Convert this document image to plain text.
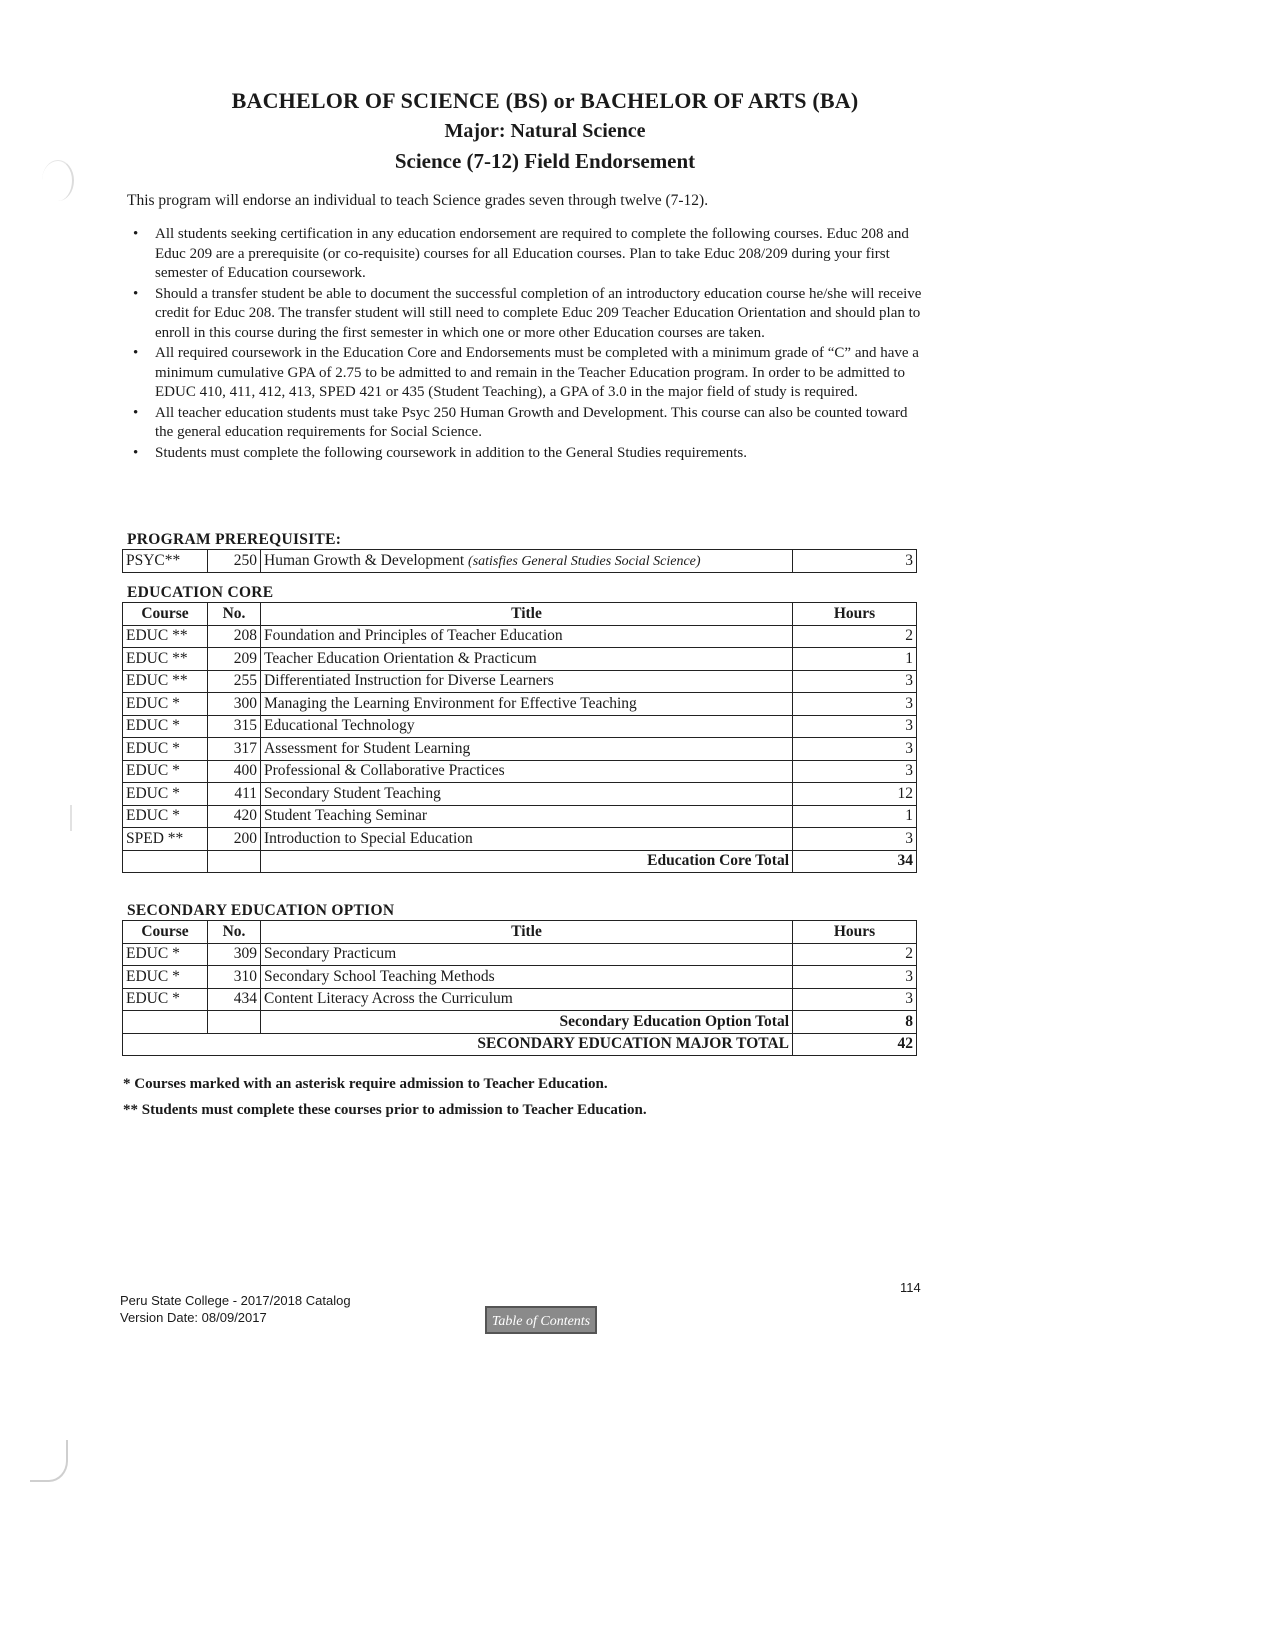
BACHELOR OF SCIENCE (BS) or BACHELOR OF ARTS (BA)
Major: Natural Science
Science (7-12) Field Endorsement
This program will endorse an individual to teach Science grades seven through twelve (7-12).
• All students seeking certification in any education endorsement are required to complete the following courses. Educ 208 and Educ 209 are a prerequisite (or co-requisite) courses for all Education courses. Plan to take Educ 208/209 during your first semester of Education coursework.
• Should a transfer student be able to document the successful completion of an introductory education course he/she will receive credit for Educ 208. The transfer student will still need to complete Educ 209 Teacher Education Orientation and should plan to enroll in this course during the first semester in which one or more other Education courses are taken.
• All required coursework in the Education Core and Endorsements must be completed with a minimum grade of “C” and have a minimum cumulative GPA of 2.75 to be admitted to and remain in the Teacher Education program. In order to be admitted to EDUC 410, 411, 412, 413, SPED 421 or 435 (Student Teaching), a GPA of 3.0 in the major field of study is required.
• All teacher education students must take Psyc 250 Human Growth and Development. This course can also be counted toward the general education requirements for Social Science.
• Students must complete the following coursework in addition to the General Studies requirements.
PROGRAM PREREQUISITE:
PSYC**	250	Human Growth & Development (satisfies General Studies Social Science)	3
EDUCATION CORE
Course	No.	Title	Hours
EDUC **	208	Foundation and Principles of Teacher Education	2
EDUC **	209	Teacher Education Orientation & Practicum	1
EDUC **	255	Differentiated Instruction for Diverse Learners	3
EDUC *	300	Managing the Learning Environment for Effective Teaching	3
EDUC *	315	Educational Technology	3
EDUC *	317	Assessment for Student Learning	3
EDUC *	400	Professional & Collaborative Practices	3
EDUC *	411	Secondary Student Teaching	12
EDUC *	420	Student Teaching Seminar	1
SPED **	200	Introduction to Special Education	3
		Education Core Total	34
SECONDARY EDUCATION OPTION
Course	No.	Title	Hours
EDUC *	309	Secondary Practicum	2
EDUC *	310	Secondary School Teaching Methods	3
EDUC *	434	Content Literacy Across the Curriculum	3
		Secondary Education Option Total	8
SECONDARY EDUCATION MAJOR TOTAL			42
* Courses marked with an asterisk require admission to Teacher Education.
** Students must complete these courses prior to admission to Teacher Education.
114
Peru State College - 2017/2018 Catalog
Version Date: 08/09/2017	Table of Contents
